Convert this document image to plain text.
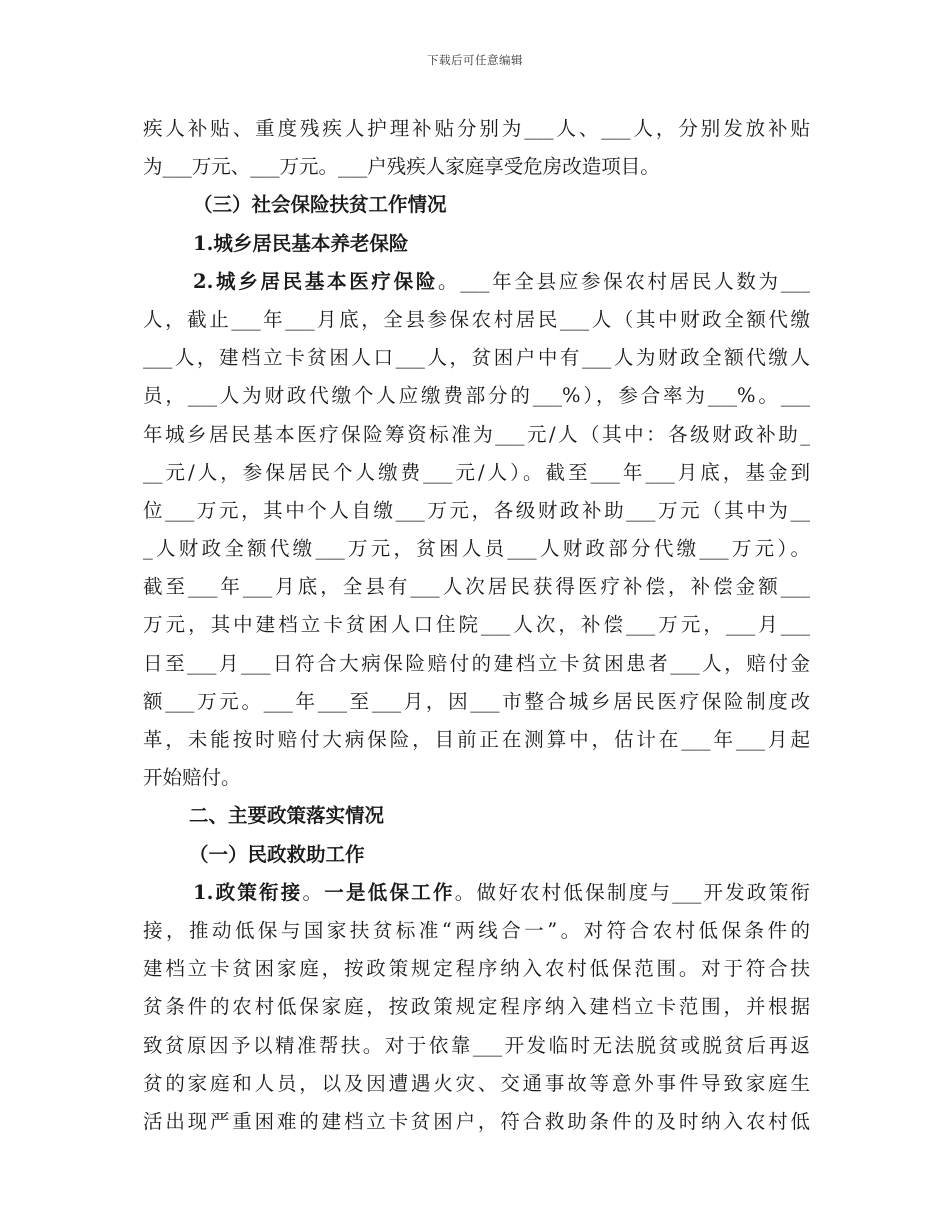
下载后可任意编辑
疾人补贴、重度残疾人护理补贴分别为___人、___人，分别发放补贴
为___万元、___万元。___户残疾人家庭享受危房改造项目。
（三）社会保险扶贫工作情况
1.城乡居民基本养老保险
2.城乡居民基本医疗保险。___年全县应参保农村居民人数为___
人，截止___年___月底，全县参保农村居民___人（其中财政全额代缴
___人，建档立卡贫困人口___人，贫困户中有___人为财政全额代缴人
员，___人为财政代缴个人应缴费部分的___%），参合率为___%。___
年城乡居民基本医疗保险筹资标准为___元/人（其中：各级财政补助_
__元/人，参保居民个人缴费___元/人）。截至___年___月底，基金到
位___万元，其中个人自缴___万元，各级财政补助___万元（其中为__
_人财政全额代缴___万元，贫困人员___人财政部分代缴___万元）。
截至___年___月底，全县有___人次居民获得医疗补偿，补偿金额___
万元，其中建档立卡贫困人口住院___人次，补偿___万元，___月___
日至___月___日符合大病保险赔付的建档立卡贫困患者___人，赔付金
额___万元。___年___至___月，因___市整合城乡居民医疗保险制度改
革，未能按时赔付大病保险，目前正在测算中，估计在___年___月起
开始赔付。
二、主要政策落实情况
（一）民政救助工作
1.政策衔接。一是低保工作。做好农村低保制度与___开发政策衔
接，推动低保与国家扶贫标准“两线合一”。对符合农村低保条件的
建档立卡贫困家庭，按政策规定程序纳入农村低保范围。对于符合扶
贫条件的农村低保家庭，按政策规定程序纳入建档立卡范围，并根据
致贫原因予以精准帮扶。对于依靠___开发临时无法脱贫或脱贫后再返
贫的家庭和人员，以及因遭遇火灾、交通事故等意外事件导致家庭生
活出现严重困难的建档立卡贫困户，符合救助条件的及时纳入农村低
